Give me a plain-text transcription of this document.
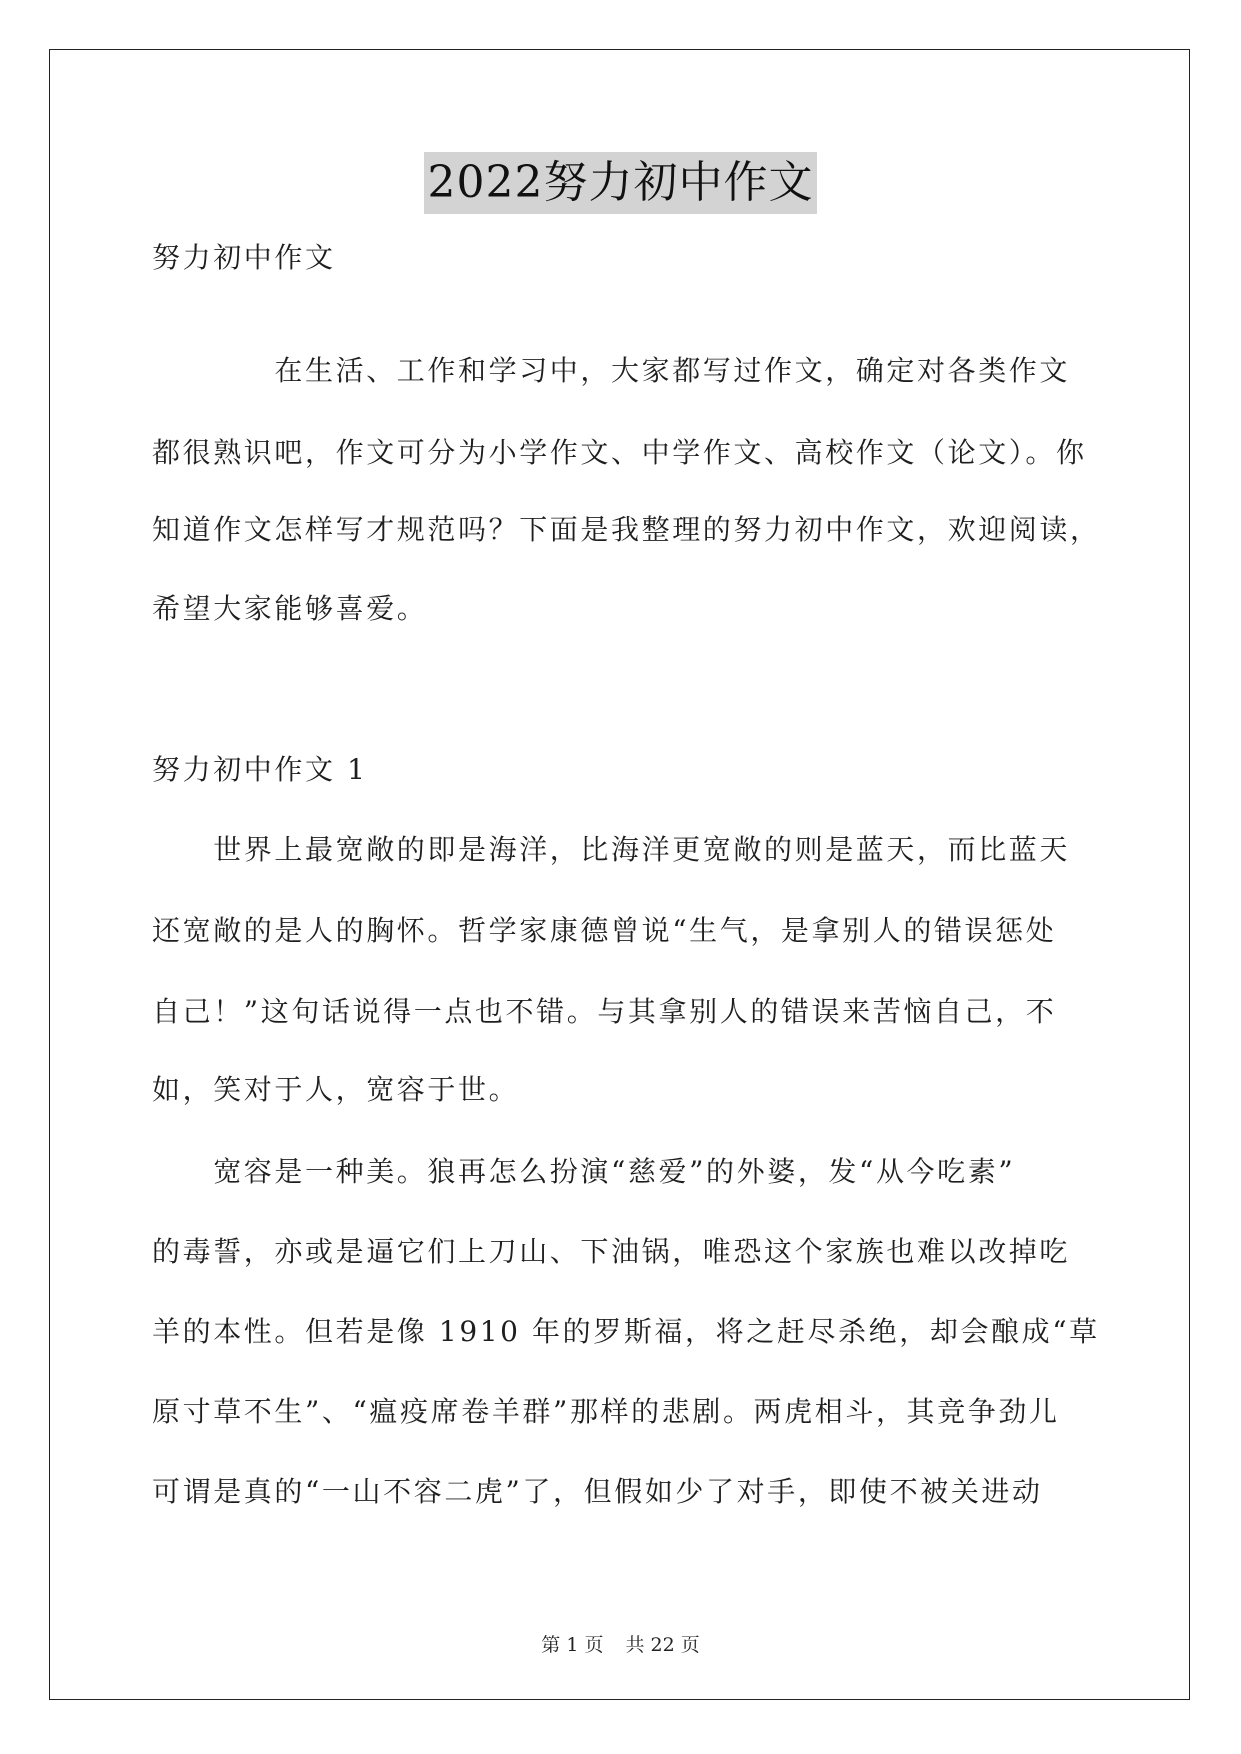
2022努力初中作文
努力初中作文
　　　　在生活、工作和学习中，大家都写过作文，确定对各类作文
都很熟识吧，作文可分为小学作文、中学作文、高校作文（论文）。你
知道作文怎样写才规范吗？下面是我整理的努力初中作文，欢迎阅读，
希望大家能够喜爱。
努力初中作文 1
　　世界上最宽敞的即是海洋，比海洋更宽敞的则是蓝天，而比蓝天
还宽敞的是人的胸怀。哲学家康德曾说“生气，是拿别人的错误惩处
自己！”这句话说得一点也不错。与其拿别人的错误来苦恼自己，不
如，笑对于人，宽容于世。
　　宽容是一种美。狼再怎么扮演“慈爱”的外婆，发“从今吃素”
的毒誓，亦或是逼它们上刀山、下油锅，唯恐这个家族也难以改掉吃
羊的本性。但若是像 1910 年的罗斯福，将之赶尽杀绝，却会酿成“草
原寸草不生”、“瘟疫席卷羊群”那样的悲剧。两虎相斗，其竞争劲儿
可谓是真的“一山不容二虎”了，但假如少了对手，即使不被关进动
第 1 页 共 22 页
